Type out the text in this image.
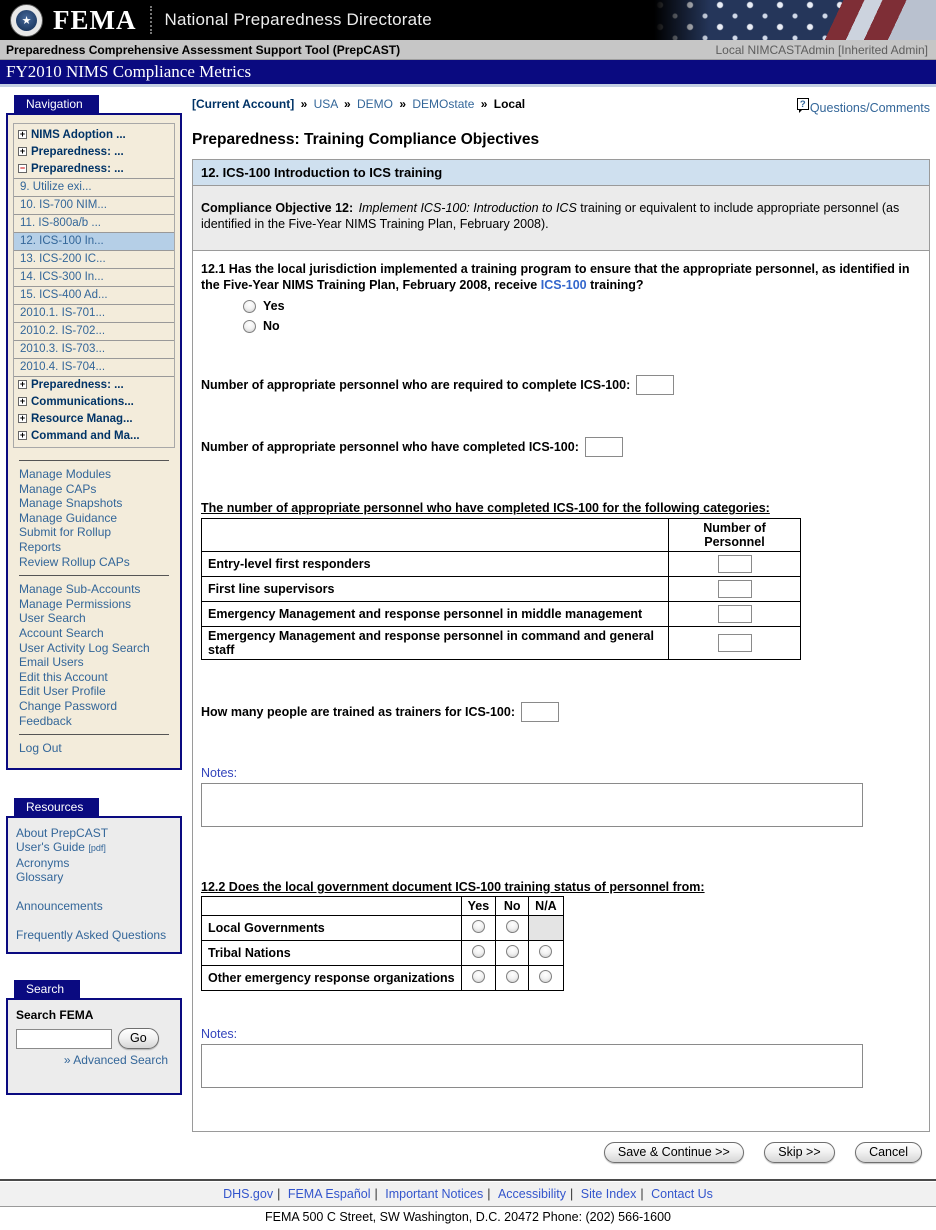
★
FEMA National Preparedness Directorate
Preparedness Comprehensive Assessment Support Tool (PrepCAST)	Local NIMCASTAdmin [Inherited Admin]
FY2010 NIMS Compliance Metrics
Navigation
+NIMS Adoption ...
+Preparedness: ...
−Preparedness: ...
9. Utilize exi...
10. IS-700 NIM...
11. IS-800a/b ...
12. ICS-100 In...
13. ICS-200 IC...
14. ICS-300 In...
15. ICS-400 Ad...
2010.1. IS-701...
2010.2. IS-702...
2010.3. IS-703...
2010.4. IS-704...
+Preparedness: ...
+Communications...
+Resource Manag...
+Command and Ma...
Manage Modules
Manage CAPs
Manage Snapshots
Manage Guidance
Submit for Rollup
Reports
Review Rollup CAPs
Manage Sub-Accounts
Manage Permissions
User Search
Account Search
User Activity Log Search
Email Users
Edit this Account
Edit User Profile
Change Password
Feedback
Log Out
Resources
About PrepCAST
User's Guide [pdf]
Acronyms
Glossary
Announcements
Frequently Asked Questions
Search
Search FEMA
Go
» Advanced Search
[Current Account] » USA » DEMO » DEMOstate » Local ?	Questions/Comments
Preparedness: Training Compliance Objectives
12. ICS-100 Introduction to ICS training
Compliance Objective 12: Implement ICS-100: Introduction to ICS training or equivalent to include appropriate personnel (as identified in the Five-Year NIMS Training Plan, February 2008).
12.1 Has the local jurisdiction implemented a training program to ensure that the appropriate personnel, as identified in the Five-Year NIMS Training Plan, February 2008, receive ICS-100 training?
Yes
No
Number of appropriate personnel who are required to complete ICS-100:
Number of appropriate personnel who have completed ICS-100:
The number of appropriate personnel who have completed ICS-100 for the following categories:
	Number of Personnel
Entry-level first responders	
First line supervisors	
Emergency Management and response personnel in middle management	
Emergency Management and response personnel in command and general staff	
How many people are trained as trainers for ICS-100:
Notes:
12.2 Does the local government document ICS-100 training status of personnel from:
	Yes	No	N/A
Local Governments			
Tribal Nations			
Other emergency response organizations			
Notes:
Save & Continue >>	Skip >>	Cancel
DHS.gov | FEMA Español | Important Notices | Accessibility | Site Index | Contact Us
FEMA 500 C Street, SW Washington, D.C. 20472 Phone: (202) 566-1600
